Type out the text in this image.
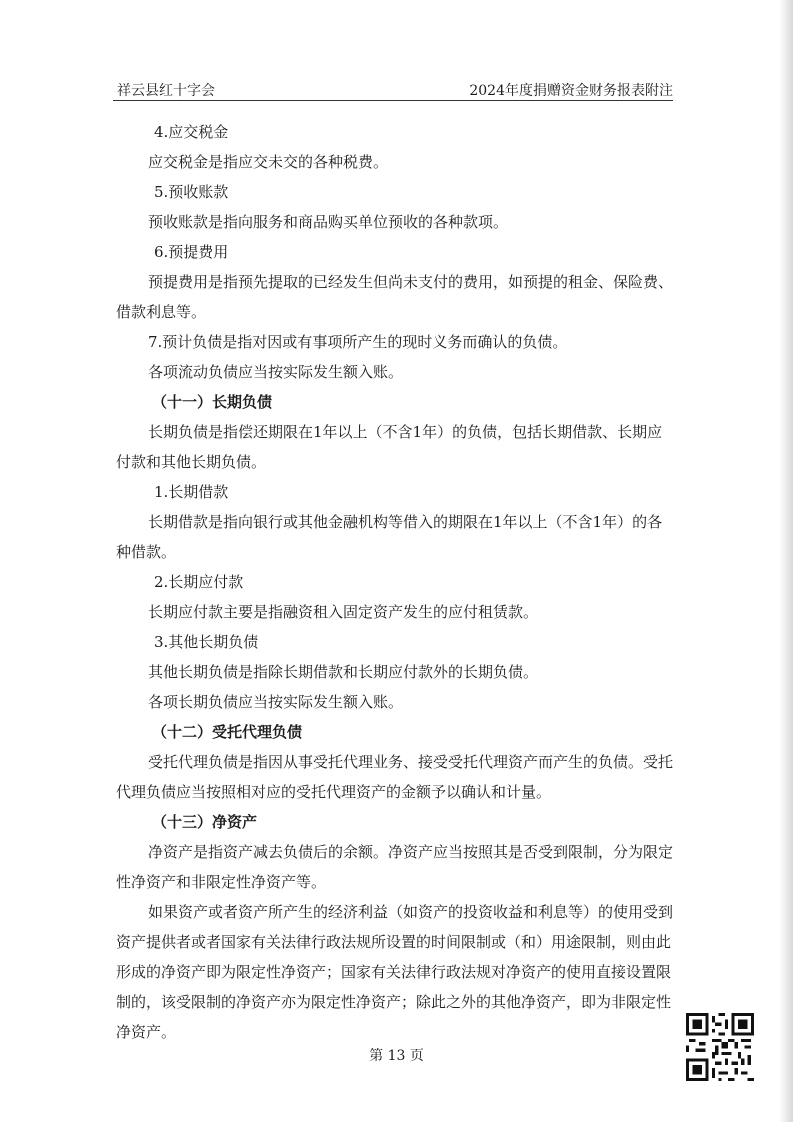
祥云县红十字会	2024年度捐赠资金财务报表附注

4.应交税金

应交税金是指应交未交的各种税费。

5.预收账款

预收账款是指向服务和商品购买单位预收的各种款项。

6.预提费用

预提费用是指预先提取的已经发生但尚未支付的费用，如预提的租金、保险费、

借款利息等。

7.预计负债是指对因或有事项所产生的现时义务而确认的负债。

各项流动负债应当按实际发生额入账。

（十一）长期负债

长期负债是指偿还期限在1年以上（不含1年）的负债，包括长期借款、长期应

付款和其他长期负债。

1.长期借款

长期借款是指向银行或其他金融机构等借入的期限在1年以上（不含1年）的各

种借款。

2.长期应付款

长期应付款主要是指融资租入固定资产发生的应付租赁款。

3.其他长期负债

其他长期负债是指除长期借款和长期应付款外的长期负债。

各项长期负债应当按实际发生额入账。

（十二）受托代理负债

受托代理负债是指因从事受托代理业务、接受受托代理资产而产生的负债。受托

代理负债应当按照相对应的受托代理资产的金额予以确认和计量。

（十三）净资产

净资产是指资产减去负债后的余额。净资产应当按照其是否受到限制，分为限定

性净资产和非限定性净资产等。

如果资产或者资产所产生的经济利益（如资产的投资收益和利息等）的使用受到

资产提供者或者国家有关法律行政法规所设置的时间限制或（和）用途限制，则由此

形成的净资产即为限定性净资产；国家有关法律行政法规对净资产的使用直接设置限

制的，该受限制的净资产亦为限定性净资产；除此之外的其他净资产，即为非限定性

净资产。

第 13 页
